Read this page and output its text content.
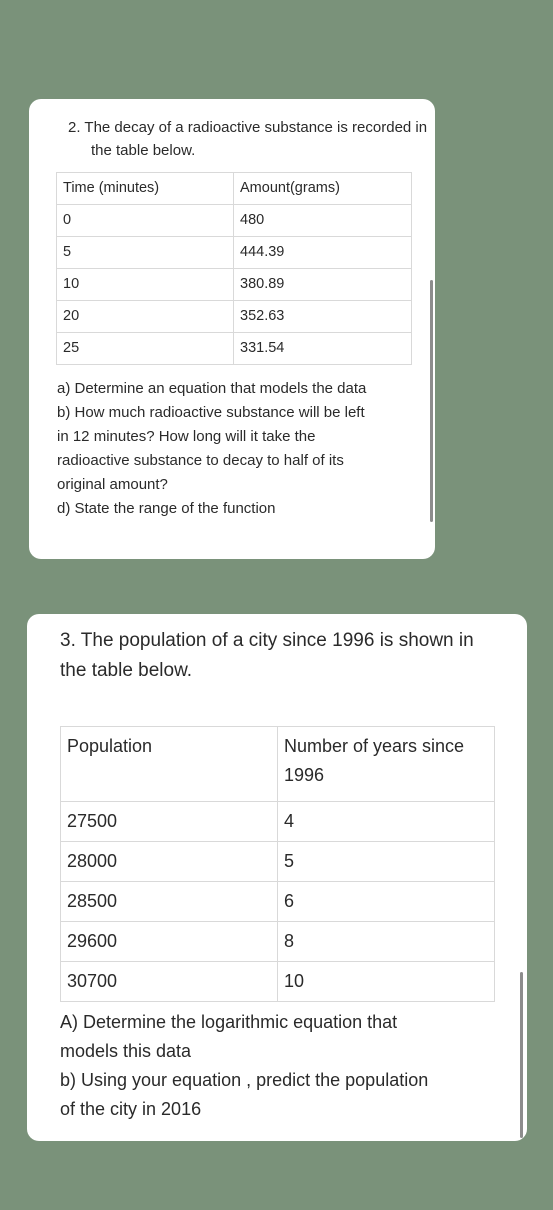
2. The decay of a radioactive substance is recorded in the table below.

Time (minutes)	Amount(grams)
0	480
5	444.39
10	380.89
20	352.63
25	331.54
a) Determine an equation that models the data
b) How much radioactive substance will be left
in 12 minutes? How long will it take the
radioactive substance to decay to half of its
original amount?
d) State the range of the function

3. The population of a city since 1996 is shown in the table below.

Population	Number of years since 1996
27500	4
28000	5
28500	6
29600	8
30700	10
A) Determine the logarithmic equation that
models this data
b) Using your equation , predict the population
of the city in 2016
